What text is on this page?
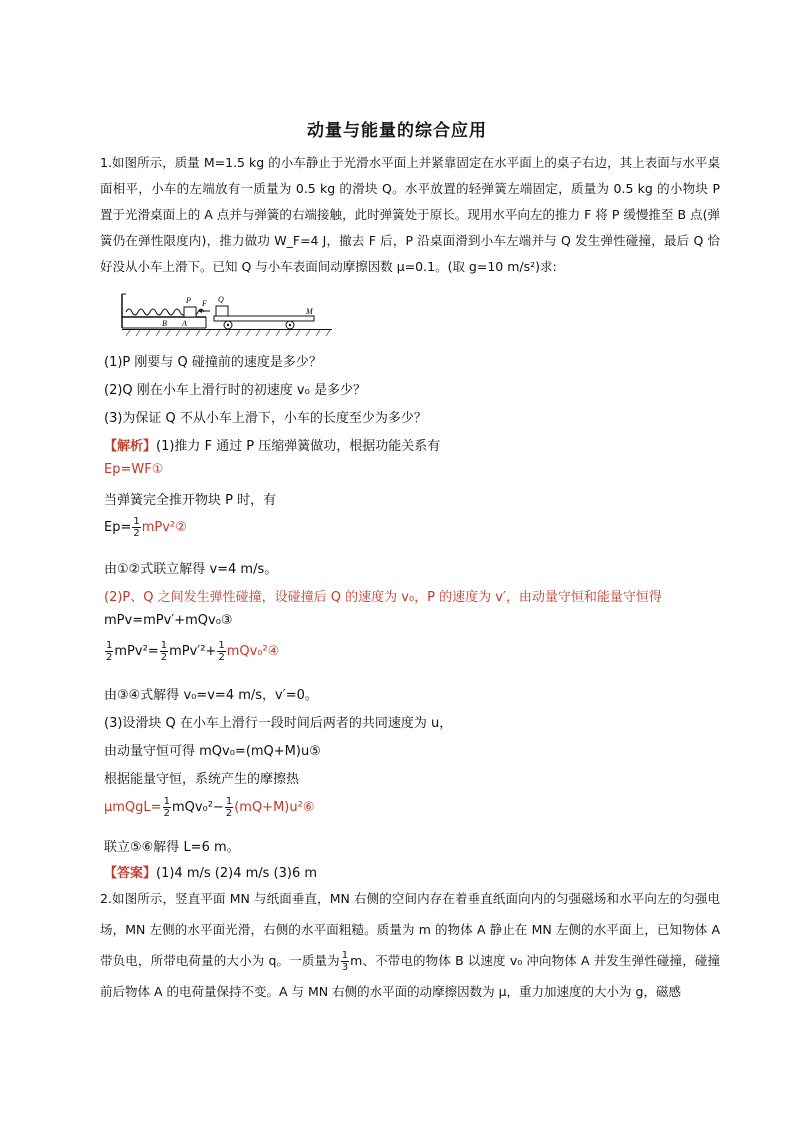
动量与能量的综合应用
1.如图所示，质量 M=1.5 kg 的小车静止于光滑水平面上并紧靠固定在水平面上的桌子右边，其上表面与水平桌面相平，小车的左端放有一质量为 0.5 kg 的滑块 Q。水平放置的轻弹簧左端固定，质量为 0.5 kg 的小物块 P 置于光滑桌面上的 A 点并与弹簧的右端接触，此时弹簧处于原长。现用水平向左的推力 F 将 P 缓慢推至 B 点(弹簧仍在弹性限度内)，推力做功 W_F=4 J，撤去 F 后，P 沿桌面滑到小车左端并与 Q 发生弹性碰撞，最后 Q 恰好没从小车上滑下。已知 Q 与小车表面间动摩擦因数 μ=0.1。(取 g=10 m/s²)求:
P F Q
B A
M
(1)P 刚要与 Q 碰撞前的速度是多少？
(2)Q 刚在小车上滑行时的初速度 v₀ 是多少？
(3)为保证 Q 不从小车上滑下，小车的长度至少为多少？
【解析】(1)推力 F 通过 P 压缩弹簧做功，根据功能关系有
Ep=WF①
当弹簧完全推开物块 P 时，有
$Ep= \frac{1}{2}$ mPv²②
由①②式联立解得 v=4 m/s。
(2)P、Q 之间发生弹性碰撞，设碰撞后 Q 的速度为 v₀，P 的速度为 v′，由动量守恒和能量守恒得
mPv=mPv′+mQv₀③
$\frac{1}{2} mPv^2= \frac{1}{2} mPv'^2+ \frac{1}{2}$ mQv₀²④
由③④式解得 v₀=v=4 m/s，v′=0。
(3)设滑块 Q 在小车上滑行一段时间后两者的共同速度为 u，
由动量守恒可得 mQv₀=(mQ+M)u⑤
根据能量守恒，系统产生的摩擦热
μmQgL= $\frac{1}{2} mQv_0^2- \frac{1}{2}$ (mQ+M)u²⑥
联立⑤⑥解得 L=6 m。
【答案】(1)4 m/s (2)4 m/s (3)6 m
2.如图所示，竖直平面 MN 与纸面垂直，MN 右侧的空间内存在着垂直纸面向内的匀强磁场和水平向左的匀强电场，MN 左侧的水平面光滑，右侧的水平面粗糙。质量为 m 的物体 A 静止在 MN 左侧的水平面上，已知物体 A 带负电，所带电荷量的大小为 q。一质量为 $\frac{1}{3}$ m、不带电的物体 B 以速度 v₀ 冲向物体 A 并发生弹性碰撞，碰撞前后物体 A 的电荷量保持不变。A 与 MN 右侧的水平面的动摩擦因数为 μ，重力加速度的大小为 g，磁感
